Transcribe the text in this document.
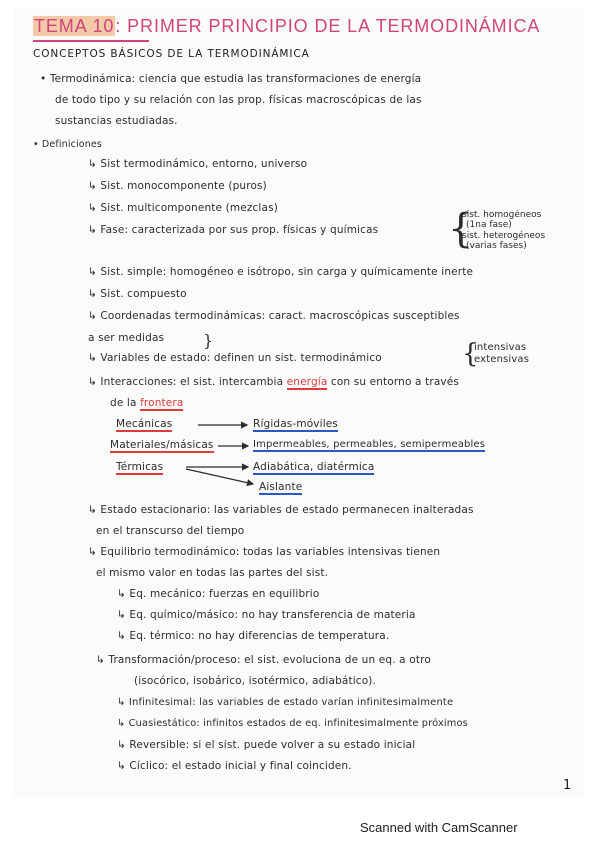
TEMA 10: PRIMER PRINCIPIO DE LA TERMODINÁMICA
CONCEPTOS BÁSICOS DE LA TERMODINÁMICA
• Termodinámica: ciencia que estudia las transformaciones de energía
de todo tipo y su relación con las prop. físicas macroscópicas de las
sustancias estudiadas.
• Definiciones
↳ Sist termodinámico, entorno, universo
↳ Sist. monocomponente (puros)
↳ Sist. multicomponente (mezclas)
↳ Fase: caracterizada por sus prop. físicas y químicas {
sist. homogéneos
(1na fase)
sist. heterogéneos
(varias fases)
↳ Sist. simple: homogéneo e isótropo, sin carga y químicamente inerte
↳ Sist. compuesto
↳ Coordenadas termodinámicas: caract. macroscópicas susceptibles
a ser medidas }
↳ Variables de estado: definen un sist. termodinámico	{
intensivas
extensivas
↳ Interacciones: el sist. intercambia energía con su entorno a través
de la frontera
Mecánicas
Materiales/másicas
Térmicas
Rígidas-móviles
Impermeables, permeables, semipermeables
Adiabática, diatérmica
Aislante
↳ Estado estacionario: las variables de estado permanecen inalteradas
en el transcurso del tiempo
↳ Equilibrio termodinámico: todas las variables intensivas tienen
el mismo valor en todas las partes del sist.
↳ Eq. mecánico: fuerzas en equilibrio
↳ Eq. químico/másico: no hay transferencia de materia
↳ Eq. térmico: no hay diferencias de temperatura.
↳ Transformación/proceso: el sist. evoluciona de un eq. a otro
(isocórico, isobárico, isotérmico, adiabático).
↳ Infinitesimal: las variables de estado varían infinitesimalmente
↳ Cuasiestático: infinitos estados de eq. infinitesimalmente próximos
↳ Reversible: si el sist. puede volver a su estado inicial
↳ Cíclico: el estado inicial y final coinciden.
1
Scanned with CamScanner
